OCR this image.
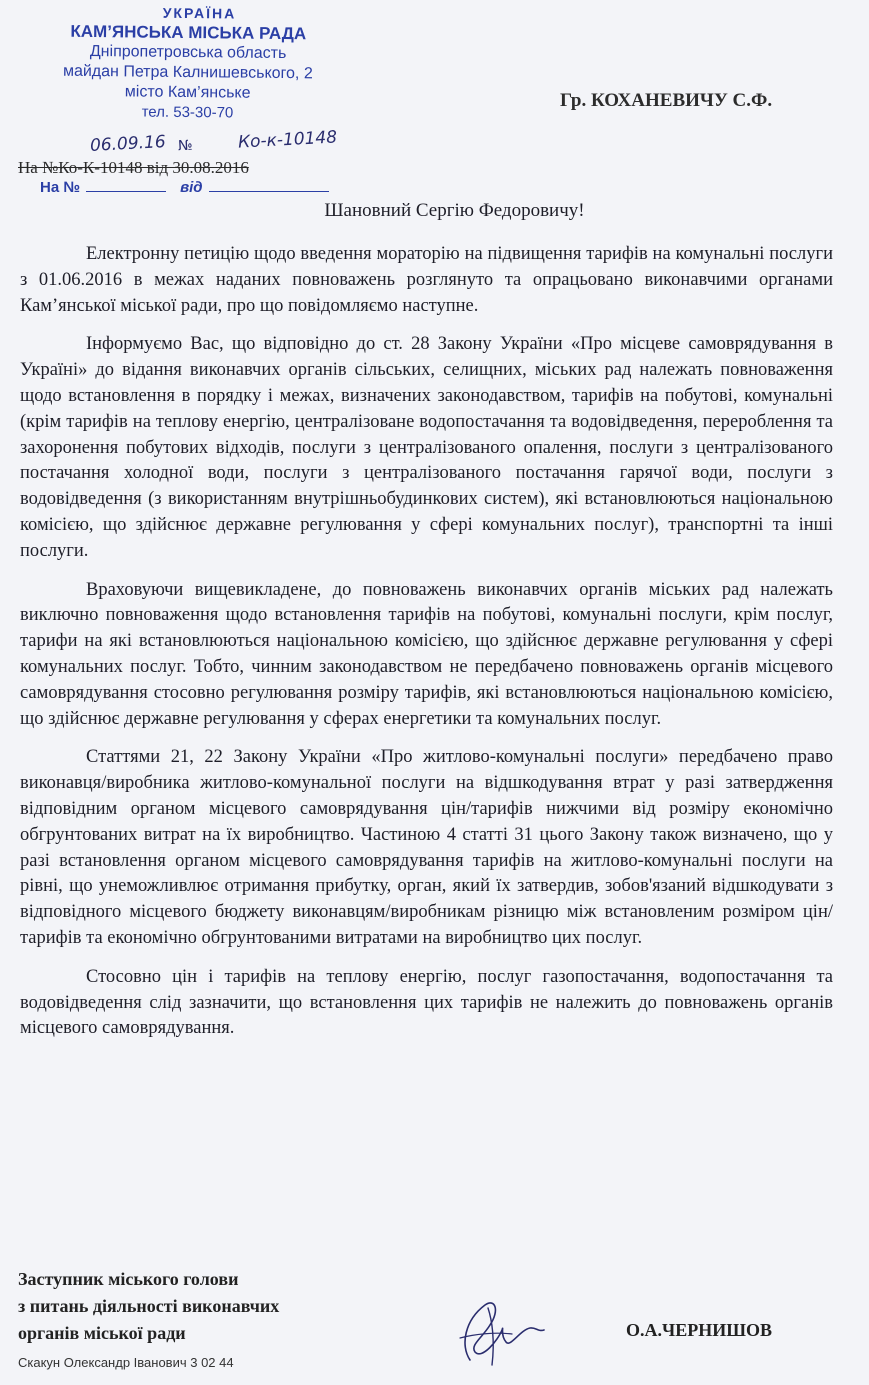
УКРАЇНА
КАМ’ЯНСЬКА МІСЬКА РАДА
Дніпропетровська область
майдан Петра Калнишевського, 2
місто Кам’янське
тел. 53-30-70
06.09.16 №	Ко-к-10148
На №Ко-К-10148 від 30.08.2016
На №	від
Гр. КОХАНЕВИЧУ С.Ф.
Шановний Сергію Федоровичу!

Електронну петицію щодо введення мораторію на підвищення тарифів на комунальні послуги з 01.06.2016 в межах наданих повноважень розглянуто та опрацьовано виконавчими органами Кам’янської міської ради, про що повідомляємо наступне.

Інформуємо Вас, що відповідно до ст. 28 Закону України «Про місцеве самоврядування в Україні» до відання виконавчих органів сільських, селищних, міських рад належать повноваження щодо встановлення в порядку і межах, визначених законодавством, тарифів на побутові, комунальні (крім тарифів на теплову енергію, централізоване водопостачання та водовідведення, перероблення та захоронення побутових відходів, послуги з централізованого опалення, послуги з централізованого постачання холодної води, послуги з централізованого постачання гарячої води, послуги з водовідведення (з використанням внутрішньобудинкових систем), які встановлюються національною комісією, що здійснює державне регулювання у сфері комунальних послуг), транспортні та інші послуги.

Враховуючи вищевикладене, до повноважень виконавчих органів міських рад належать виключно повноваження щодо встановлення тарифів на побутові, комунальні послуги, крім послуг, тарифи на які встановлюються національною комісією, що здійснює державне регулювання у сфері комунальних послуг. Тобто, чинним законодавством не передбачено повноважень органів місцевого самоврядування стосовно регулювання розміру тарифів, які встановлюються національною комісією, що здійснює державне регулювання у сферах енергетики та комунальних послуг.

Статтями 21, 22 Закону України «Про житлово-комунальні послуги» передбачено право виконавця/виробника житлово-комунальної послуги на відшкодування втрат у разі затвердження відповідним органом місцевого самоврядування цін/тарифів нижчими від розміру економічно обгрунтованих витрат на їх виробництво. Частиною 4 статті 31 цього Закону також визначено, що у разі встановлення органом місцевого самоврядування тарифів на житлово-комунальні послуги на рівні, що унеможливлює отримання прибутку, орган, який їх затвердив, зобов'язаний відшкодувати з відповідного місцевого бюджету виконавцям/виробникам різницю між встановленим розміром цін/тарифів та економічно обгрунтованими витратами на виробництво цих послуг.

Стосовно цін і тарифів на теплову енергію, послуг газопостачання, водопостачання та водовідведення слід зазначити, що встановлення цих тарифів не належить до повноважень органів місцевого самоврядування.

Заступник міського голови
з питань діяльності виконавчих
органів міської ради	О.А.ЧЕРНИШОВ
Скакун Олександр Іванович 3 02 44
